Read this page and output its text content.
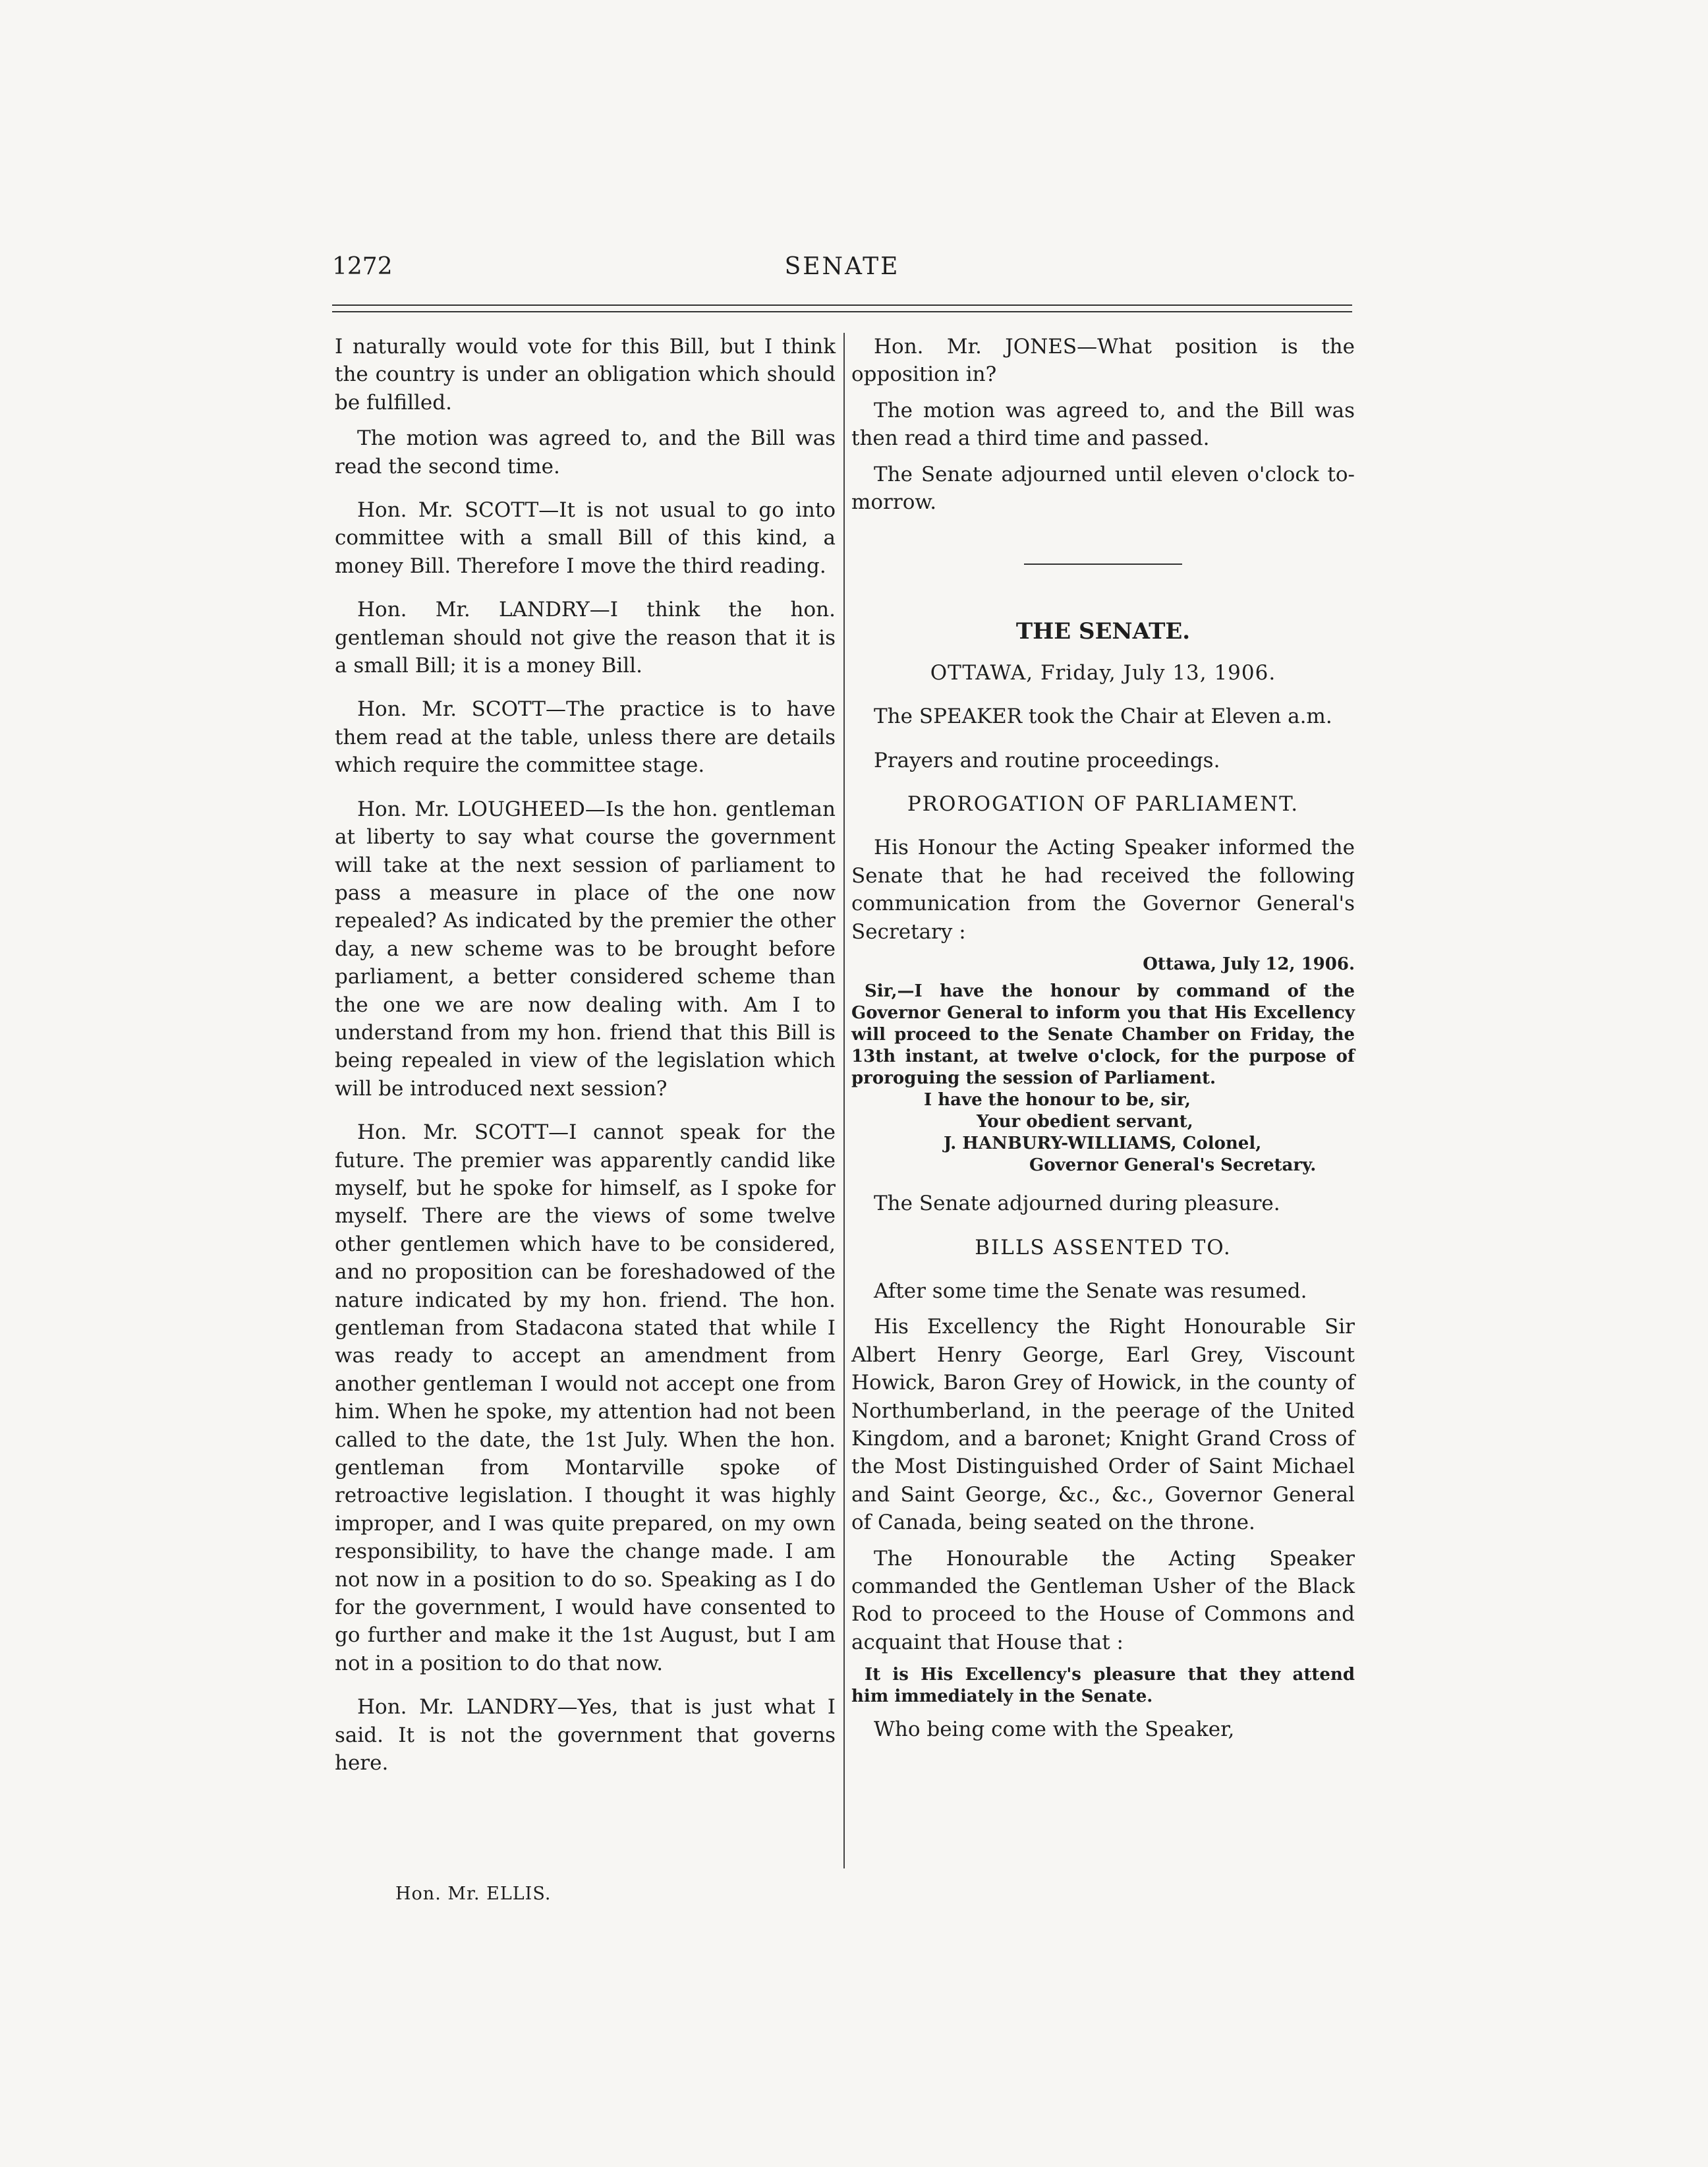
1272	SENATE

I naturally would vote for this Bill, but I think the country is under an obligation which should be fulfilled.

The motion was agreed to, and the Bill was read the second time.

Hon. Mr. SCOTT—It is not usual to go into committee with a small Bill of this kind, a money Bill. Therefore I move the third reading.

Hon. Mr. LANDRY—I think the hon. gentleman should not give the reason that it is a small Bill; it is a money Bill.

Hon. Mr. SCOTT—The practice is to have them read at the table, unless there are details which require the committee stage.

Hon. Mr. LOUGHEED—Is the hon. gentleman at liberty to say what course the government will take at the next session of parliament to pass a measure in place of the one now repealed? As indicated by the premier the other day, a new scheme was to be brought before parliament, a better considered scheme than the one we are now dealing with. Am I to understand from my hon. friend that this Bill is being repealed in view of the legislation which will be introduced next session?

Hon. Mr. SCOTT—I cannot speak for the future. The premier was apparently candid like myself, but he spoke for himself, as I spoke for myself. There are the views of some twelve other gentlemen which have to be considered, and no proposition can be foreshadowed of the nature indicated by my hon. friend. The hon. gentleman from Stadacona stated that while I was ready to accept an amendment from another gentleman I would not accept one from him. When he spoke, my attention had not been called to the date, the 1st July. When the hon. gentleman from Montarville spoke of retroactive legislation. I thought it was highly improper, and I was quite prepared, on my own responsibility, to have the change made. I am not now in a position to do so. Speaking as I do for the government, I would have consented to go further and make it the 1st August, but I am not in a position to do that now.

Hon. Mr. LANDRY—Yes, that is just what I said. It is not the government that governs here.

Hon. Mr. JONES—What position is the opposition in?

The motion was agreed to, and the Bill was then read a third time and passed.

The Senate adjourned until eleven o'clock to-morrow.

THE SENATE.

OTTAWA, Friday, July 13, 1906.

The SPEAKER took the Chair at Eleven a.m.

Prayers and routine proceedings.

PROROGATION OF PARLIAMENT.

His Honour the Acting Speaker informed the Senate that he had received the following communication from the Governor General's Secretary :

Ottawa, July 12, 1906.
Sir,—I have the honour by command of the Governor General to inform you that His Excellency will proceed to the Senate Chamber on Friday, the 13th instant, at twelve o'clock, for the purpose of proroguing the session of Parliament.
I have the honour to be, sir,
Your obedient servant,
J. HANBURY-WILLIAMS, Colonel,
Governor General's Secretary.

The Senate adjourned during pleasure.

BILLS ASSENTED TO.

After some time the Senate was resumed.

His Excellency the Right Honourable Sir Albert Henry George, Earl Grey, Viscount Howick, Baron Grey of Howick, in the county of Northumberland, in the peerage of the United Kingdom, and a baronet; Knight Grand Cross of the Most Distinguished Order of Saint Michael and Saint George, &c., &c., Governor General of Canada, being seated on the throne.

The Honourable the Acting Speaker commanded the Gentleman Usher of the Black Rod to proceed to the House of Commons and acquaint that House that :

It is His Excellency's pleasure that they attend him immediately in the Senate.

Who being come with the Speaker,

Hon. Mr. ELLIS.
